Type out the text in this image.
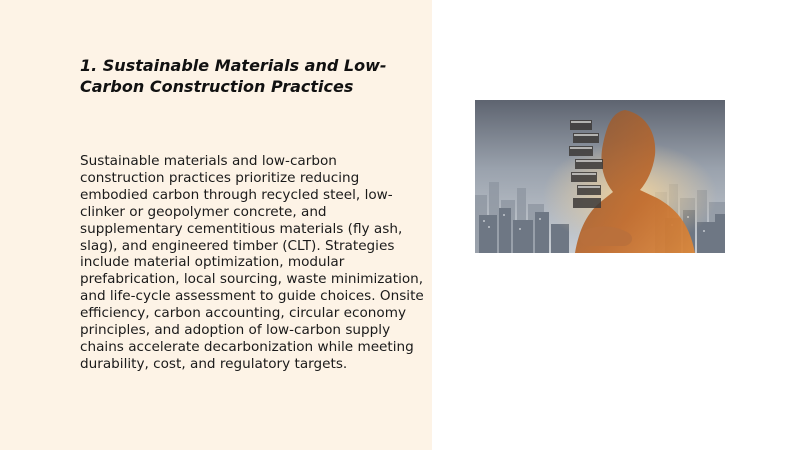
1. Sustainable Materials and Low-Carbon Construction Practices

Sustainable materials and low-carbon construction practices prioritize reducing embodied carbon through recycled steel, low-clinker or geopolymer concrete, and supplementary cementitious materials (fly ash, slag), and engineered timber (CLT). Strategies include material optimization, modular prefabrication, local sourcing, waste minimization, and life-cycle assessment to guide choices. Onsite efficiency, carbon accounting, circular economy principles, and adoption of low-carbon supply chains accelerate decarbonization while meeting durability, cost, and regulatory targets.
